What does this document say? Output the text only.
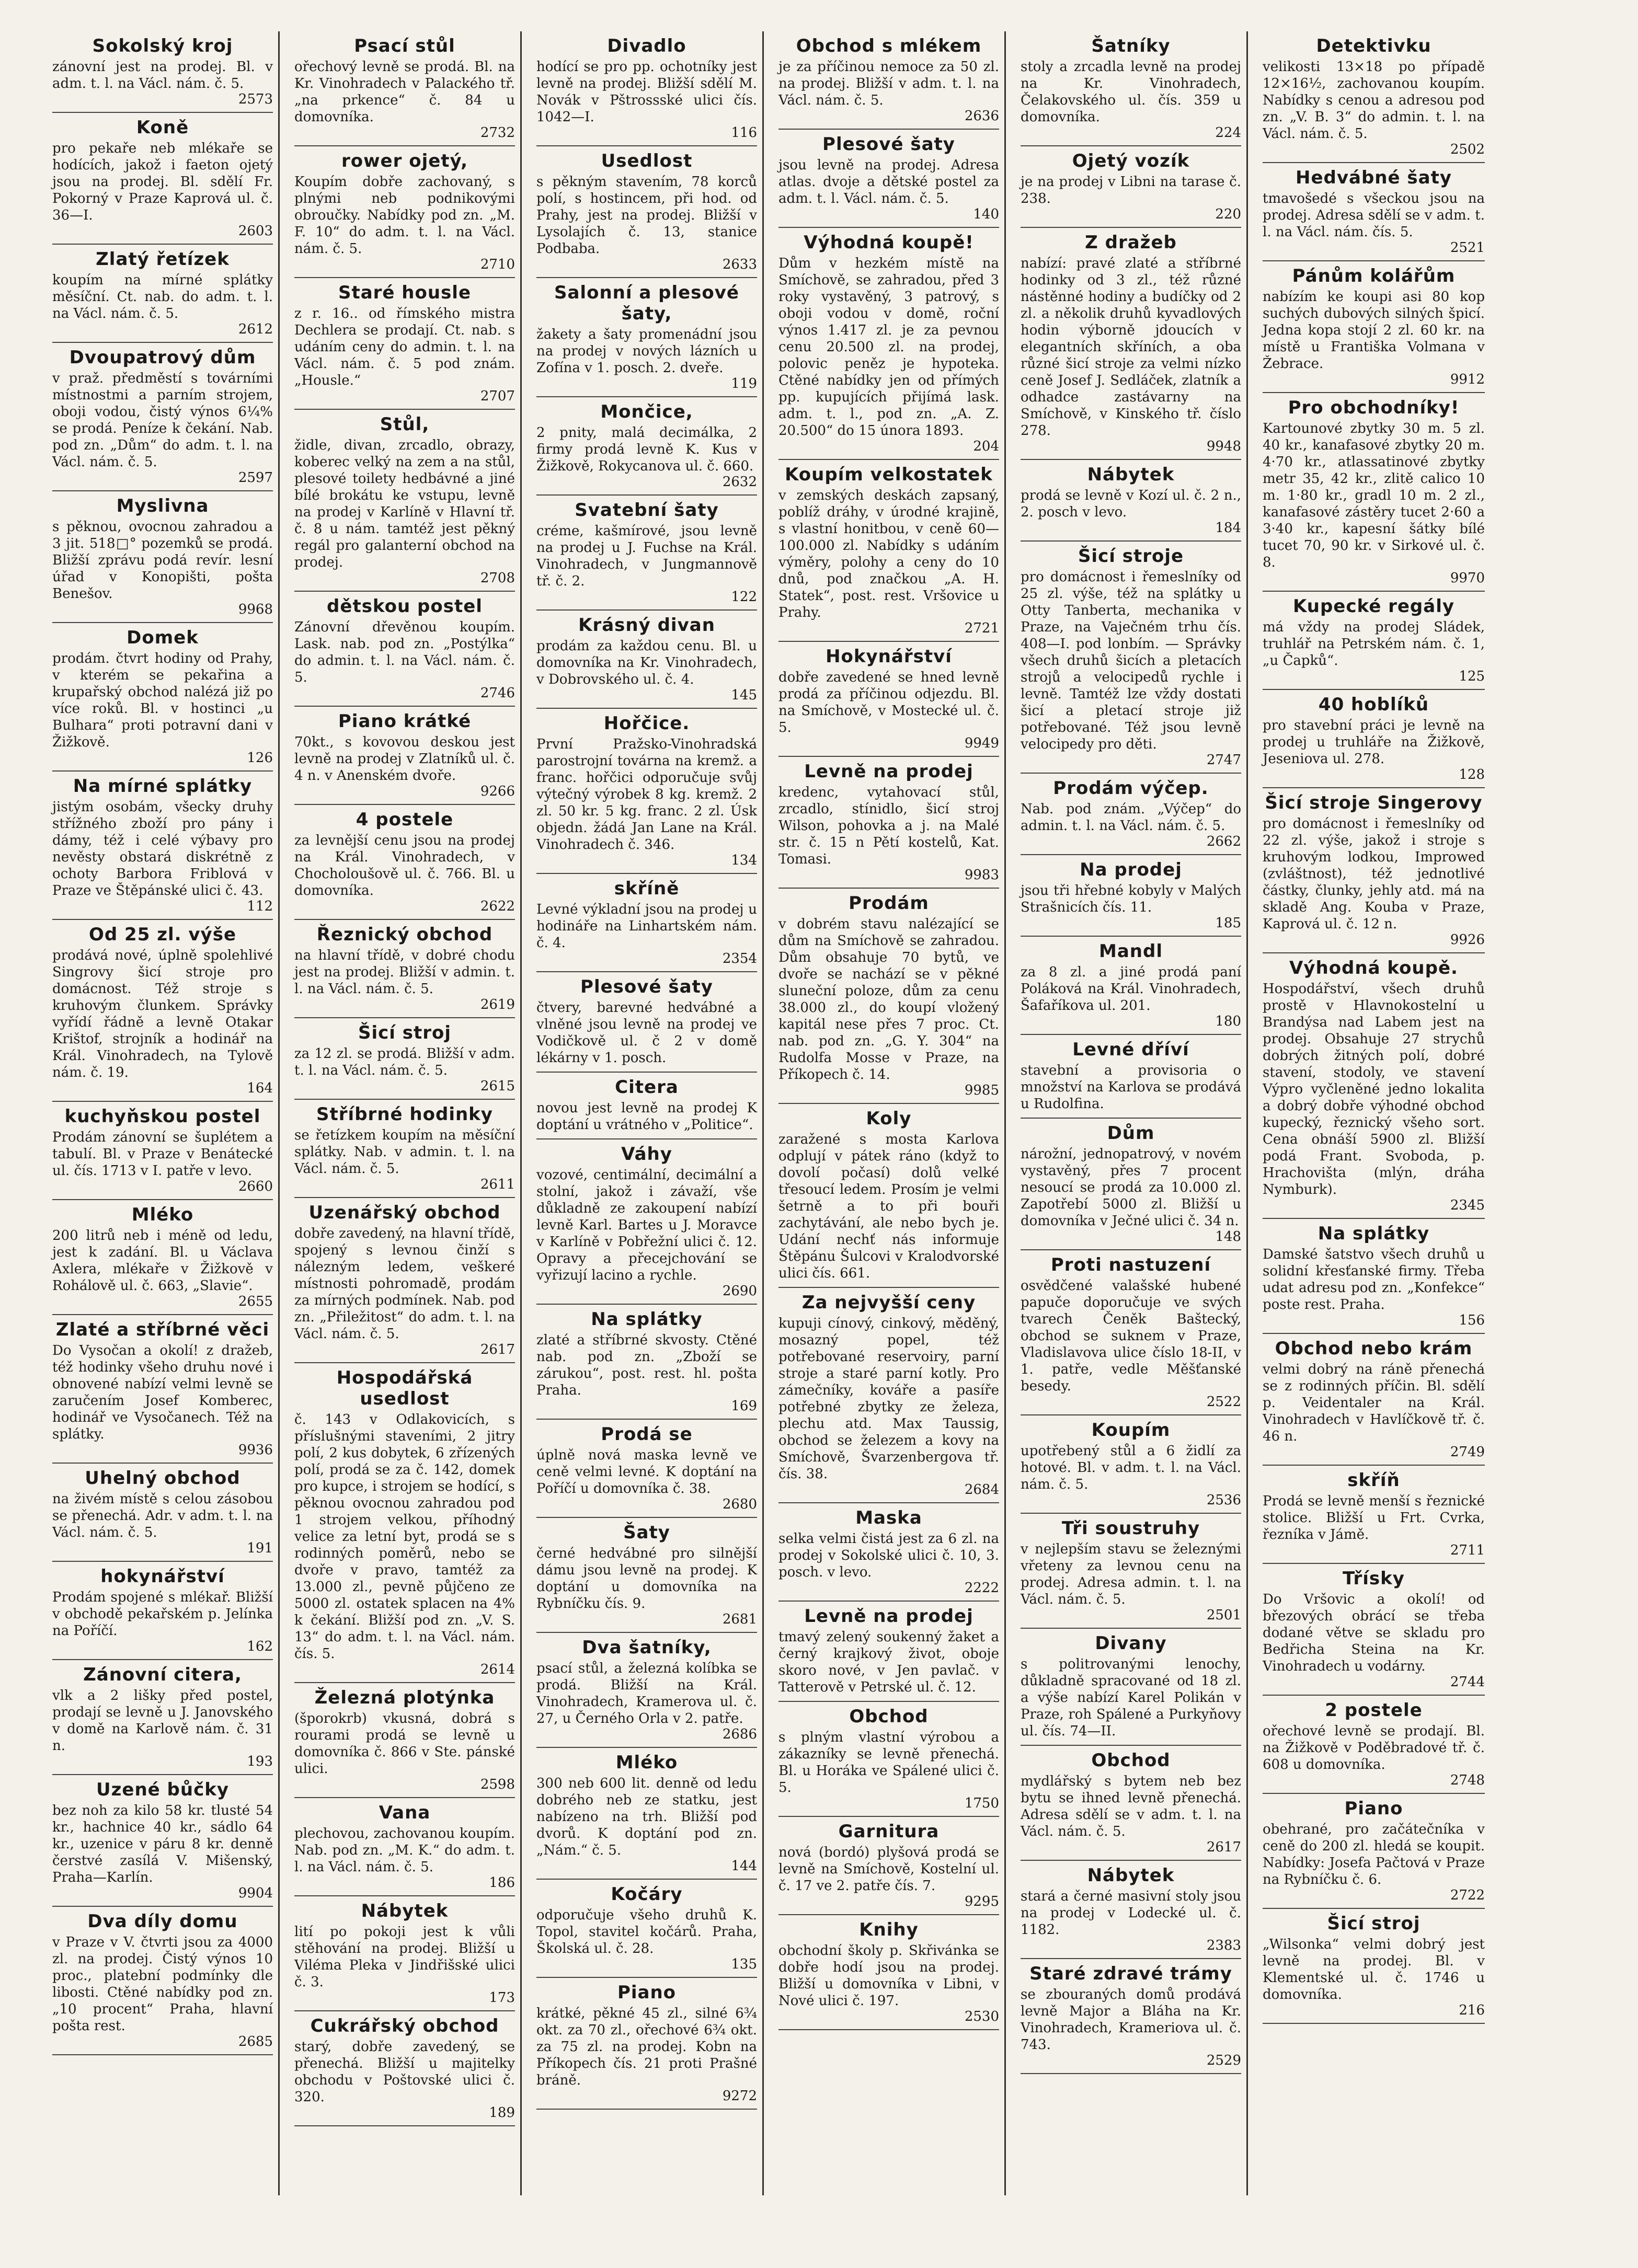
Sokolský kroj

zánovní jest na prodej. Bl. v adm. t. l. na Václ. nám. č. 5.

2573
Koně

pro pekaře neb mlékaře se hodících, jakož i faeton ojetý jsou na prodej. Bl. sdělí Fr. Pokorný v Praze Kaprová ul. č. 36—I.

2603
Zlatý řetízek

koupím na mírné splátky měsíční. Ct. nab. do adm. t. l. na Václ. nám. č. 5.

2612
Dvoupatrový dům

v praž. předměstí s továrními místnostmi a parním strojem, oboji vodou, čistý výnos 6¼% se prodá. Peníze k čekání. Nab. pod zn. „Dům“ do adm. t. l. na Václ. nám. č. 5.

2597
Myslivna

s pěknou, ovocnou zahradou a 3 jit. 518□° pozemků se prodá. Bližší zprávu podá revír. lesní úřad v Konopišti, pošta Benešov.

9968
Domek

prodám. čtvrt hodiny od Prahy, v kterém se pekařina a krupařský obchod nalézá již po více roků. Bl. v hostinci „u Bulhara“ proti potravní dani v Žižkově.

126
Na mírné splátky

jistým osobám, všecky druhy střížného zboží pro pány i dámy, též i celé výbavy pro nevěsty obstará diskrétně z ochoty Barbora Friblová v Praze ve Štěpánské ulici č. 43.

112
Od 25 zl. výše

prodává nové, úplně spolehlivé Singrovy šicí stroje pro domácnost. Též stroje s kruhovým člunkem. Správky vyřídí řádně a levně Otakar Krištof, strojník a hodinář na Král. Vinohradech, na Tylově nám. č. 19.

164
kuchyňskou postel

Prodám zánovní se šuplétem a tabulí. Bl. v Praze v Benátecké ul. čís. 1713 v I. patře v levo.

2660
Mléko

200 litrů neb i méně od ledu, jest k zadání. Bl. u Václava Axlera, mlékaře v Žižkově v Rohálově ul. č. 663, „Slavie“.

2655
Zlaté a stříbrné věci

Do Vysočan a okolí! z dražeb, též hodinky všeho druhu nové i obnovené nabízí velmi levně se zaručením Josef Komberec, hodinář ve Vysočanech. Též na splátky.

9936
Uhelný obchod

na živém místě s celou zásobou se přenechá. Adr. v adm. t. l. na Václ. nám. č. 5.

191
hokynářství

Prodám spojené s mlékař. Bližší v obchodě pekařském p. Jelínka na Poříčí.

162
Zánovní citera,

vlk a 2 lišky před postel, prodají se levně u J. Janovského v domě na Karlově nám. č. 31 n.

193
Uzené bůčky

bez noh za kilo 58 kr. tlusté 54 kr., hachnice 40 kr., sádlo 64 kr., uzenice v páru 8 kr. denně čerstvé zasílá V. Mišenský, Praha—Karlín.

9904
Dva díly domu

v Praze v V. čtvrti jsou za 4000 zl. na prodej. Čistý výnos 10 proc., platební podmínky dle libosti. Ctěné nabídky pod zn. „10 procent“ Praha, hlavní pošta rest.

2685
Psací stůl

ořechový levně se prodá. Bl. na Kr. Vinohradech v Palackého tř. „na prkence“ č. 84 u domovníka.

2732
rower ojetý,

Koupím dobře zachovaný, s plnými neb podnikovými obroučky. Nabídky pod zn. „M. F. 10“ do adm. t. l. na Václ. nám. č. 5.

2710
Staré housle

z r. 16.. od římského mistra Dechlera se prodají. Ct. nab. s udáním ceny do admin. t. l. na Václ. nám. č. 5 pod znám. „Housle.“

2707
Stůl,

židle, divan, zrcadlo, obrazy, koberec velký na zem a na stůl, plesové toilety hedbávné a jiné bílé brokátu ke vstupu, levně na prodej v Karlíně v Hlavní tř. č. 8 u nám. tamtéž jest pěkný regál pro galanterní obchod na prodej.

2708
dětskou postel

Zánovní dřevěnou koupím. Lask. nab. pod zn. „Postýlka“ do admin. t. l. na Václ. nám. č. 5.

2746
Piano krátké

70kt., s kovovou deskou jest levně na prodej v Zlatníků ul. č. 4 n. v Anenském dvoře.

9266
4 postele

za levnější cenu jsou na prodej na Král. Vinohradech, v Chocholoušově ul. č. 766. Bl. u domovníka.

2622
Řeznický obchod

na hlavní třídě, v dobré chodu jest na prodej. Bližší v admin. t. l. na Václ. nám. č. 5.

2619
Šicí stroj

za 12 zl. se prodá. Bližší v adm. t. l. na Václ. nám. č. 5.

2615
Stříbrné hodinky

se řetízkem koupím na měsíční splátky. Nab. v admin. t. l. na Václ. nám. č. 5.

2611
Uzenářský obchod

dobře zavedený, na hlavní třídě, spojený s levnou činží s nálezným ledem, veškeré místnosti pohromadě, prodám za mírných podmínek. Nab. pod zn. „Přiležitost“ do adm. t. l. na Václ. nám. č. 5.

2617
Hospodářská usedlost

č. 143 v Odlakovicích, s příslušnými staveními, 2 jitry polí, 2 kus dobytek, 6 zřízených polí, prodá se za č. 142, domek pro kupce, i strojem se hodící, s pěknou ovocnou zahradou pod 1 strojem velkou, příhodný velice za letní byt, prodá se s rodinných poměrů, nebo se dvoře v pravo, tamtéž za 13.000 zl., pevně půjčeno ze 5000 zl. ostatek splacen na 4% k čekání. Bližší pod zn. „V. S. 13“ do adm. t. l. na Václ. nám. čís. 5.

2614
Železná plotýnka

(šporokrb) vkusná, dobrá s rourami prodá se levně u domovníka č. 866 v Ste. pánské ulici.

2598
Vana

plechovou, zachovanou koupím. Nab. pod zn. „M. K.“ do adm. t. l. na Václ. nám. č. 5.

186
Nábytek

lití po pokoji jest k vůli stěhování na prodej. Bližší u Viléma Pleka v Jindřišské ulici č. 3.

173
Cukrářský obchod

starý, dobře zavedený, se přenechá. Bližší u majitelky obchodu v Poštovské ulici č. 320.

189
Divadlo

hodící se pro pp. ochotníky jest levně na prodej. Bližší sdělí M. Novák v Pštrossské ulici čís. 1042—I.

116
Usedlost

s pěkným stavením, 78 korců polí, s hostincem, při hod. od Prahy, jest na prodej. Bližší v Lysolajích č. 13, stanice Podbaba.

2633
Salonní a plesové šaty,

žakety a šaty promenádní jsou na prodej v nových lázních u Zofína v 1. posch. 2. dveře.

119
Mončice,

2 pnity, malá decimálka, 2 firmy prodá levně K. Kus v Žižkově, Rokycanova ul. č. 660.

2632
Svatební šaty

créme, kašmírové, jsou levně na prodej u J. Fuchse na Král. Vinohradech, v Jungmannově tř. č. 2.

122
Krásný divan

prodám za každou cenu. Bl. u domovníka na Kr. Vinohradech, v Dobrovského ul. č. 4.

145
Hořčice.

První Pražsko-Vinohradská parostrojní továrna na kremž. a franc. hořčici odporučuje svůj výtečný výrobek 8 kg. kremž. 2 zl. 50 kr. 5 kg. franc. 2 zl. Úsk objedn. žádá Jan Lane na Král. Vinohradech č. 346.

134
skříně

Levné výkladní jsou na prodej u hodináře na Linhartském nám. č. 4.

2354
Plesové šaty

čtvery, barevné hedvábné a vlněné jsou levně na prodej ve Vodičkově ul. č 2 v domě lékárny v 1. posch.

Citera

novou jest levně na prodej K doptání u vrátného v „Politice“.

Váhy

vozové, centimální, decimální a stolní, jakož i závaží, vše důkladně ze zakoupení nabízí levně Karl. Bartes u J. Moravce v Karlíně v Pobřežní ulici č. 12. Opravy a přecejchování se vyřizují lacino a rychle.

2690
Na splátky

zlaté a stříbrné skvosty. Ctěné nab. pod zn. „Zboží se zárukou“, post. rest. hl. pošta Praha.

169
Prodá se

úplně nová maska levně ve ceně velmi levné. K doptání na Poříčí u domovníka č. 38.

2680
Šaty

černé hedvábné pro silnější dámu jsou levně na prodej. K doptání u domovníka na Rybníčku čís. 9.

2681
Dva šatníky,

psací stůl, a železná kolíbka se prodá. Bližší na Král. Vinohradech, Kramerova ul. č. 27, u Černého Orla v 2. patře.

2686
Mléko

300 neb 600 lit. denně od ledu dobrého neb ze statku, jest nabízeno na trh. Bližší pod dvorů. K doptání pod zn. „Nám.“ č. 5.

144
Kočáry

odporučuje všeho druhů K. Topol, stavitel kočárů. Praha, Školská ul. č. 28.

135
Piano

krátké, pěkné 45 zl., silné 6¾ okt. za 70 zl., ořechové 6¾ okt. za 75 zl. na prodej. Kobn na Příkopech čís. 21 proti Prašné bráně.

9272
Obchod s mlékem

je za příčinou nemoce za 50 zl. na prodej. Bližší v adm. t. l. na Václ. nám. č. 5.

2636
Plesové šaty

jsou levně na prodej. Adresa atlas. dvoje a dětské postel za adm. t. l. Václ. nám. č. 5.

140
Výhodná koupě!

Dům v hezkém místě na Smíchově, se zahradou, před 3 roky vystavěný, 3 patrový, s oboji vodou v domě, roční výnos 1.417 zl. je za pevnou cenu 20.500 zl. na prodej, polovic peněz je hypoteka. Ctěné nabídky jen od přímých pp. kupujících přijímá lask. adm. t. l., pod zn. „A. Z. 20.500“ do 15 února 1893.

204
Koupím velkostatek

v zemských deskách zapsaný, poblíž dráhy, v úrodné krajině, s vlastní honitbou, v ceně 60—100.000 zl. Nabídky s udáním výměry, polohy a ceny do 10 dnů, pod značkou „A. H. Statek“, post. rest. Vršovice u Prahy.

2721
Hokynářství

dobře zavedené se hned levně prodá za příčinou odjezdu. Bl. na Smíchově, v Mostecké ul. č. 5.

9949
Levně na prodej

kredenc, vytahovací stůl, zrcadlo, stínidlo, šicí stroj Wilson, pohovka a j. na Malé str. č. 15 n Pětí kostelů, Kat. Tomasi.

9983
Prodám

v dobrém stavu nalézající se dům na Smíchově se zahradou. Dům obsahuje 70 bytů, ve dvoře se nachází se v pěkné sluneční poloze, dům za cenu 38.000 zl., do koupí vložený kapitál nese přes 7 proc. Ct. nab. pod zn. „G. Y. 304“ na Rudolfa Mosse v Praze, na Příkopech č. 14.

9985
Koly

zaražené s mosta Karlova odplují v pátek ráno (když to dovolí počasí) dolů velké třesoucí ledem. Prosím je velmi šetrně a to při bouři zachytávání, ale nebo bych je. Udání nechť nás informuje Štěpánu Šulcovi v Kralodvorské ulici čís. 661.

Za nejvyšší ceny

kupuji cínový, cinkový, měděný, mosazný popel, též potřebované reservoiry, parní stroje a staré parní kotly. Pro zámečníky, kováře a pasíře potřebné zbytky ze železa, plechu atd. Max Taussig, obchod se železem a kovy na Smíchově, Švarzenbergova tř. čís. 38.

2684
Maska

selka velmi čistá jest za 6 zl. na prodej v Sokolské ulici č. 10, 3. posch. v levo.

2222
Levně na prodej

tmavý zelený soukenný žaket a černý krajkový život, oboje skoro nové, v Jen pavlač. v Tatterově v Petrské ul. č. 12.

Obchod

s plným vlastní výrobou a zákazníky se levně přenechá. Bl. u Horáka ve Spálené ulici č. 5.

1750
Garnitura

nová (bordó) plyšová prodá se levně na Smíchově, Kostelní ul. č. 17 ve 2. patře čís. 7.

9295
Knihy

obchodní školy p. Skřivánka se dobře hodí jsou na prodej. Bližší u domovníka v Libni, v Nové ulici č. 197.

2530
Šatníky

stoly a zrcadla levně na prodej na Kr. Vinohradech, Čelakovského ul. čís. 359 u domovníka.

224
Ojetý vozík

je na prodej v Libni na tarase č. 238.

220
Z dražeb

nabízí: pravé zlaté a stříbrné hodinky od 3 zl., též různé nástěnné hodiny a budíčky od 2 zl. a několik druhů kyvadlových hodin výborně jdoucích v elegantních skříních, a oba různé šicí stroje za velmi nízko ceně Josef J. Sedláček, zlatník a odhadce zastávarny na Smíchově, v Kinského tř. číslo 278.

9948
Nábytek

prodá se levně v Kozí ul. č. 2 n., 2. posch v levo.

184
Šicí stroje

pro domácnost i řemeslníky od 25 zl. výše, též na splátky u Otty Tanberta, mechanika v Praze, na Vaječném trhu čís. 408—I. pod lonbím. — Správky všech druhů šicích a pletacích strojů a velocipedů rychle i levně. Tamtéž lze vždy dostati šicí a pletací stroje již potřebované. Též jsou levně velocipedy pro děti.

2747
Prodám výčep.

Nab. pod znám. „Výčep“ do admin. t. l. na Václ. nám. č. 5.

2662
Na prodej

jsou tři hřebné kobyly v Malých Strašnicích čís. 11.

185
Mandl

za 8 zl. a jiné prodá paní Poláková na Král. Vinohradech, Šafaříkova ul. 201.

180
Levné dříví

stavební a provisoria o množství na Karlova se prodává u Rudolfina.

Dům

nárožní, jednopatrový, v novém vystavěný, přes 7 procent nesoucí se prodá za 10.000 zl. Zapotřebí 5000 zl. Bližší u domovníka v Ječné ulici č. 34 n.

148
Proti nastuzení

osvědčené valašské hubené papuče doporučuje ve svých tvarech Čeněk Baštecký, obchod se suknem v Praze, Vladislavova ulice číslo 18-II, v 1. patře, vedle Měšťanské besedy.

2522
Koupím

upotřebený stůl a 6 židlí za hotové. Bl. v adm. t. l. na Václ. nám. č. 5.

2536
Tři soustruhy

v nejlepším stavu se železnými vřeteny za levnou cenu na prodej. Adresa admin. t. l. na Václ. nám. č. 5.

2501
Divany

s politrovanými lenochy, důkladně spracované od 18 zl. a výše nabízí Karel Polikán v Praze, roh Spálené a Purkyňovy ul. čís. 74—II.

Obchod

mydlářský s bytem neb bez bytu se ihned levně přenechá. Adresa sdělí se v adm. t. l. na Václ. nám. č. 5.

2617
Nábytek

stará a černé masivní stoly jsou na prodej v Lodecké ul. č. 1182.

2383
Staré zdravé trámy

se zbouraných domů prodává levně Major a Bláha na Kr. Vinohradech, Krameriova ul. č. 743.

2529
Detektivku

velikosti 13×18 po případě 12×16½, zachovanou koupím. Nabídky s cenou a adresou pod zn. „V. B. 3“ do admin. t. l. na Václ. nám. č. 5.

2502
Hedvábné šaty

tmavošedé s všeckou jsou na prodej. Adresa sdělí se v adm. t. l. na Václ. nám. čís. 5.

2521
Pánům kolářům

nabízím ke koupi asi 80 kop suchých dubových silných špicí. Jedna kopa stojí 2 zl. 60 kr. na místě u Františka Volmana v Žebrace.

9912
Pro obchodníky!

Kartounové zbytky 30 m. 5 zl. 40 kr., kanafasové zbytky 20 m. 4·70 kr., atlassatinové zbytky metr 35, 42 kr., zlitě calico 10 m. 1·80 kr., gradl 10 m. 2 zl., kanafasové zástěry tucet 2·60 a 3·40 kr., kapesní šátky bílé tucet 70, 90 kr. v Sirkové ul. č. 8.

9970
Kupecké regály

má vždy na prodej Sládek, truhlář na Petrském nám. č. 1, „u Čapků“.

125
40 hoblíků

pro stavební práci je levně na prodej u truhláře na Žižkově, Jeseniova ul. 278.

128
Šicí stroje Singerovy

pro domácnost i řemeslníky od 22 zl. výše, jakož i stroje s kruhovým lodkou, Improwed (zvláštnost), též jednotlivé částky, člunky, jehly atd. má na skladě Ang. Kouba v Praze, Kaprová ul. č. 12 n.

9926
Výhodná koupě.

Hospodářství, všech druhů prostě v Hlavnokostelní u Brandýsa nad Labem jest na prodej. Obsahuje 27 strychů dobrých žitných polí, dobré stavení, stodoly, ve stavení Výpro vyčleněné jedno lokalita a dobrý dobře výhodné obchod kupecký, řeznický všeho sort. Cena obnáší 5900 zl. Bližší podá Frant. Svoboda, p. Hrachovišta (mlýn, dráha Nymburk).

2345
Na splátky

Damské šatstvo všech druhů u solidní křesťanské firmy. Třeba udat adresu pod zn. „Konfekce“ poste rest. Praha.

156
Obchod nebo krám

velmi dobrý na ráně přenechá se z rodinných příčin. Bl. sdělí p. Veidentaler na Král. Vinohradech v Havlíčkově tř. č. 46 n.

2749
skříň

Prodá se levně menší s řeznické stolice. Bližší u Frt. Cvrka, řezníka v Jámě.

2711
Třísky

Do Vršovic a okolí! od březových obrácí se třeba dodané větve se skladu pro Bedřicha Steina na Kr. Vinohradech u vodárny.

2744
2 postele

ořechové levně se prodají. Bl. na Žižkově v Poděbradové tř. č. 608 u domovníka.

2748
Piano

obehrané, pro začátečníka v ceně do 200 zl. hledá se koupit. Nabídky: Josefa Pačtová v Praze na Rybníčku č. 6.

2722
Šicí stroj

„Wilsonka“ velmi dobrý jest levně na prodej. Bl. v Klementské ul. č. 1746 u domovníka.

216
